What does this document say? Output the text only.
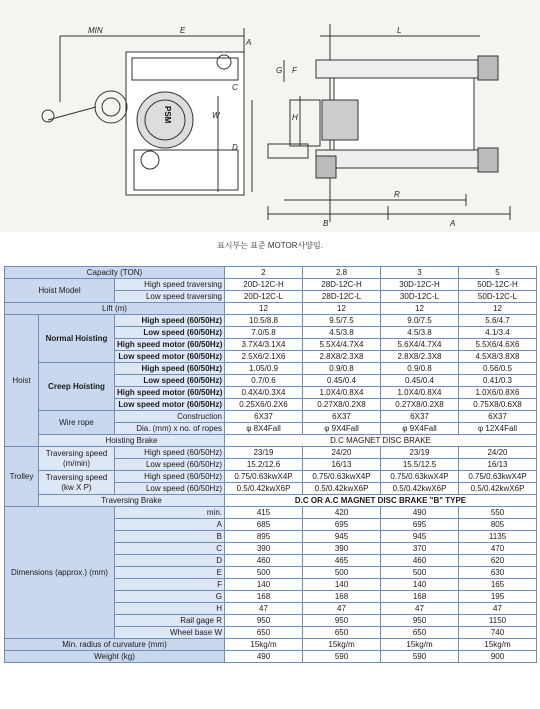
MIN	E
A
W
C
D
L
G F
H
R
B	A
PSM
표시부는 표준 MOTOR사양임.
Capacity (TON)			2	2.8	3	5
Hoist Model		High speed traversing	20D-12C-H	28D-12C-H	30D-12C-H	50D-12C-H
		Low speed traversing	20D-12C-L	28D-12C-L	30D-12C-L	50D-12C-L
Lift (m)			12	12	12	12
Hoist	Normal Hoisting	High speed (60/50Hz)	10.5/8.8	9.5/7.5	9.0/7.5	5.6/4.7
		Low speed (60/50Hz)	7.0/5.8	4.5/3.8	4.5/3.8	4.1/3.4
		High speed motor (60/50Hz)	3.7X4/3.1X4	5.5X4/4.7X4	5.6X4/4.7X4	5.5X6/4.6X6
		Low speed motor (60/50Hz)	2.5X6/2.1X6	2.8X8/2.3X8	2.8X8/2.3X8	4.5X8/3.8X8
	Creep Hoisting	High speed (60/50Hz)	1.05/0.9	0.9/0.8	0.9/0.8	0.56/0.5
		Low speed (60/50Hz)	0.7/0.6	0.45/0.4	0.45/0.4	0.41/0.3
		High speed motor (60/50Hz)	0.4X4/0.3X4	1.0X4/0.8X4	1.0X4/0.8X4	1.0X6/0.8X6
		Low speed motor (60/50Hz)	0.25X6/0.2X6	0.27X8/0.2X8	0.27X8/0.2X8	0.75X8/0.6X8
	Wire rope	Construction	6X37	6X37	6X37	6X37
		Dia. (mm) x no. of ropes	φ 8X4Fall	φ 9X4Fall	φ 9X4Fall	φ 12X4Fall
	Hoisting Brake		D.C MAGNET DISC BRAKE			
Trolley	Traversing speed (m/min)	High speed (60/50Hz)	23/19	24/20	23/19	24/20
		Low speed (60/50Hz)	15.2/12.6	16/13	15.5/12.5	16/13
	Traversing speed (kw X P)	High speed (60/50Hz)	0.75/0.63kwX4P	0.75/0.63kwX4P	0.75/0.63kwX4P	0.75/0.63kwX4P
		Low speed (60/50Hz)	0.5/0.42kwX6P	0.5/0.42kwX6P	0.5/0.42kwX6P	0.5/0.42kwX6P
	Traversing Brake		D.C OR A.C MAGNET DISC BRAKE "B" TYPE			
Dimensions (approx.) (mm)		min.	415	420	490	550
		A	685	695	695	805
		B	895	945	945	1135
		C	390	390	370	470
		D	460	465	460	620
		E	500	500	500	630
		F	140	140	140	165
		G	168	168	168	195
		H	47	47	47	47
		Rail gage R	950	950	950	1150
		Wheel base W	650	650	650	740
Min. radius of curvature (mm)			15kg/m	15kg/m	15kg/m	15kg/m
Weight (kg)			490	590	590	900
